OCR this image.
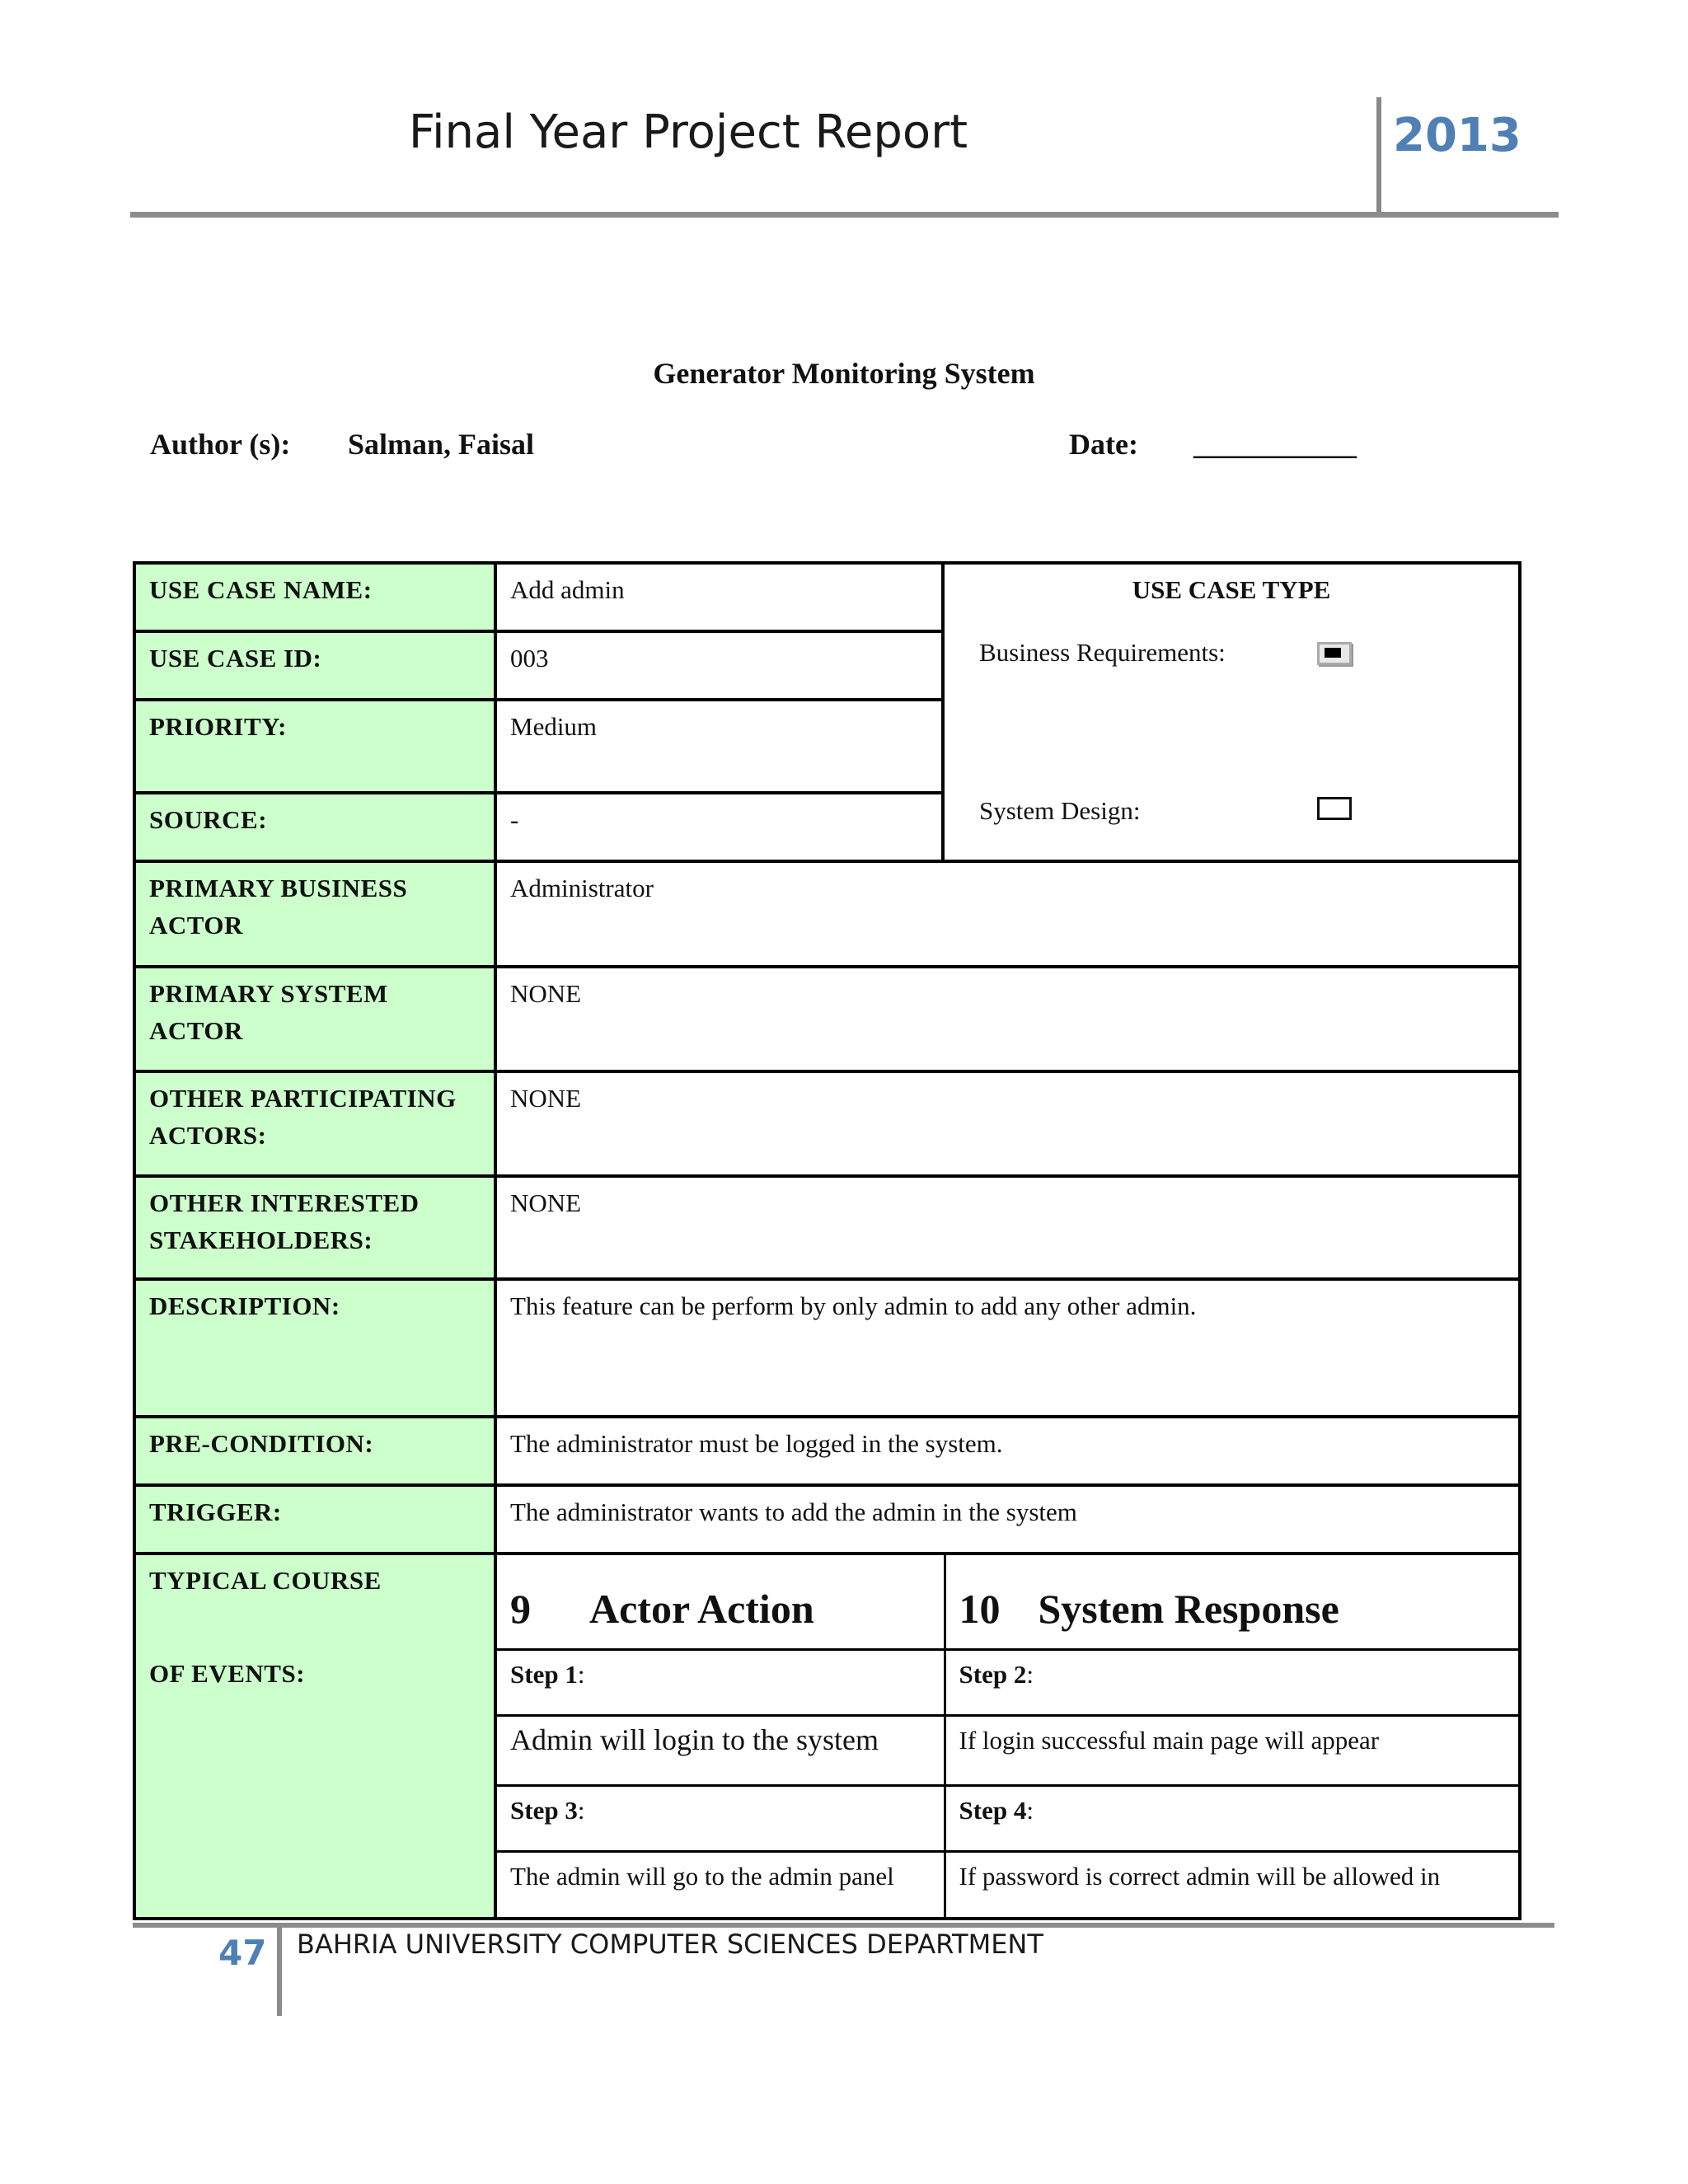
Final Year Project Report	2013
Generator Monitoring System
Author (s): Salman, Faisal	Date: ___________
USE CASE NAME:	Add admin	USE CASE TYPE
Business Requirements:
System Design:

USE CASE ID:	003
PRIORITY:	Medium
SOURCE:	-
PRIMARY BUSINESS ACTOR	Administrator
PRIMARY SYSTEM ACTOR	NONE
OTHER PARTICIPATING ACTORS:	NONE
OTHER INTERESTED STAKEHOLDERS:	NONE
DESCRIPTION:	This feature can be perform by only admin to add any other admin.
PRE-CONDITION:	The administrator must be logged in the system.
TRIGGER:	The administrator wants to add the admin in the system

TYPICAL COURSE
OF EVENTS:

9 Actor Action	10 System Response
Step 1:	Step 2:
Admin will login to the system	If login successful main page will appear
Step 3:	Step 4:
The admin will go to the admin panel	If password is correct admin will be allowed in
47 BAHRIA UNIVERSITY COMPUTER SCIENCES DEPARTMENT
